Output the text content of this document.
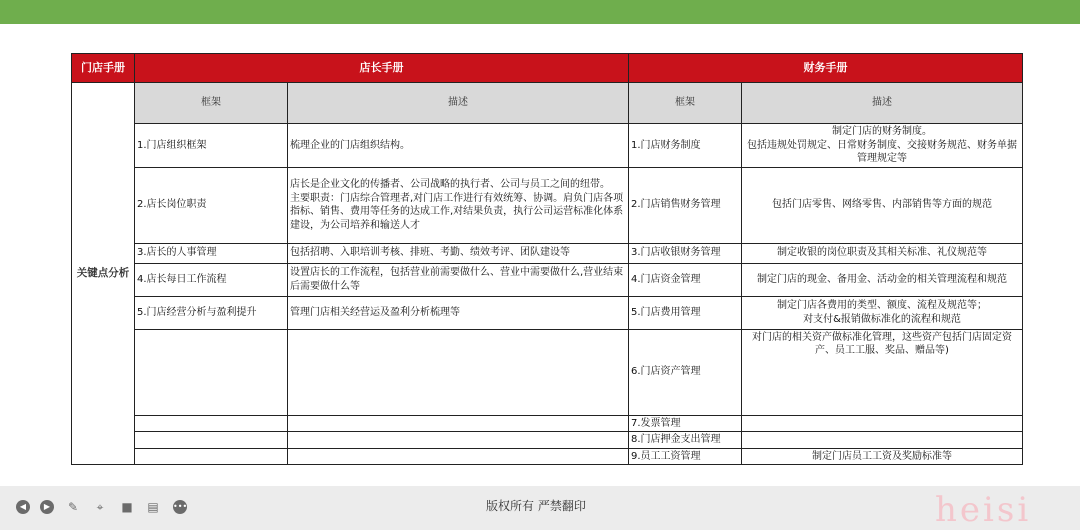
门店手册	店长手册		财务手册	
关键点分析	框架	描述	框架	描述
	1.门店组织框架	梳理企业的门店组织结构。	1.门店财务制度	制定门店的财务制度。
包括违规处罚规定、日常财务制度、交接财务规范、财务单据管理规定等
	2.店长岗位职责	店长是企业文化的传播者、公司战略的执行者、公司与员工之间的纽带。
主要职责：门店综合管理者,对门店工作进行有效统筹、协调。肩负门店各项指标、销售、费用等任务的达成工作,对结果负责，执行公司运营标准化体系建设，为公司培养和输送人才	2.门店销售财务管理	包括门店零售、网络零售、内部销售等方面的规范
	3.店长的人事管理	包括招聘、入职培训考核、排班、考勤、绩效考评、团队建设等	3.门店收银财务管理	制定收银的岗位职责及其相关标准、礼仪规范等
	4.店长每日工作流程	设置店长的工作流程，包括营业前需要做什么、营业中需要做什么,营业结束后需要做什么等	4.门店资金管理	制定门店的现金、备用金、活动金的相关管理流程和规范
	5.门店经营分析与盈利提升	管理门店相关经营运及盈利分析梳理等	5.门店费用管理	制定门店各费用的类型、额度、流程及规范等；
对支付&报销做标准化的流程和规范
			6.门店资产管理	对门店的相关资产做标准化管理，这些资产包括门店固定资产、员工工服、奖品、赠品等)
			7.发票管理	
			8.门店押金支出管理	
			9.员工工资管理	制定门店员工工资及奖励标准等
◀	▶	✎	⌖	■ ▤ •••	版权所有 严禁翻印	heisi
